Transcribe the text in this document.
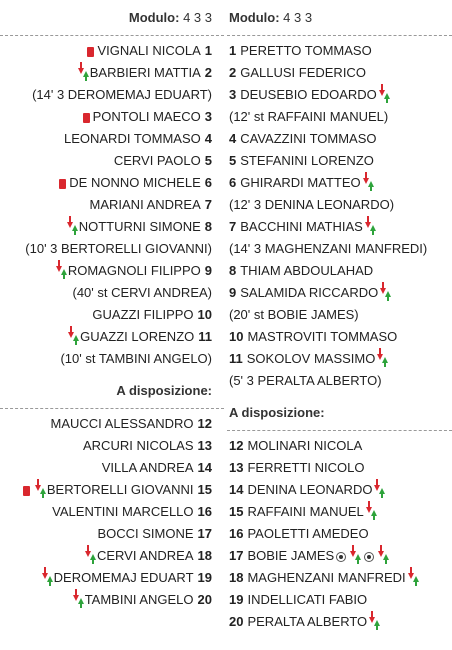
Modulo: 4 3 3
VIGNALI NICOLA 1
BARBIERI MATTIA 2
(14' 3 DEROMEMAJ EDUART)
PONTOLI MAECO 3
LEONARDI TOMMASO 4
CERVI PAOLO 5
DE NONNO MICHELE 6
MARIANI ANDREA 7
NOTTURNI SIMONE 8
(10' 3 BERTORELLI GIOVANNI)
ROMAGNOLI FILIPPO 9
(40' st CERVI ANDREA)
GUAZZI FILIPPO 10
GUAZZI LORENZO 11
(10' st TAMBINI ANGELO)
A disposizione:
MAUCCI ALESSANDRO 12
ARCURI NICOLAS 13
VILLA ANDREA 14
BERTORELLI GIOVANNI 15
VALENTINI MARCELLO 16
BOCCI SIMONE 17
CERVI ANDREA 18
DEROMEMAJ EDUART 19
TAMBINI ANGELO 20
Modulo: 4 3 3
1 PERETTO TOMMASO
2 GALLUSI FEDERICO
3 DEUSEBIO EDOARDO
(12' st RAFFAINI MANUEL)
4 CAVAZZINI TOMMASO
5 STEFANINI LORENZO
6 GHIRARDI MATTEO
(12' 3 DENINA LEONARDO)
7 BACCHINI MATHIAS
(14' 3 MAGHENZANI MANFREDI)
8 THIAM ABDOULAHAD
9 SALAMIDA RICCARDO
(20' st BOBIE JAMES)
10 MASTROVITI TOMMASO
11 SOKOLOV MASSIMO
(5' 3 PERALTA ALBERTO)
A disposizione:
12 MOLINARI NICOLA
13 FERRETTI NICOLO
14 DENINA LEONARDO
15 RAFFAINI MANUEL
16 PAOLETTI AMEDEO
17 BOBIE JAMES
18 MAGHENZANI MANFREDI
19 INDELLICATI FABIO
20 PERALTA ALBERTO
